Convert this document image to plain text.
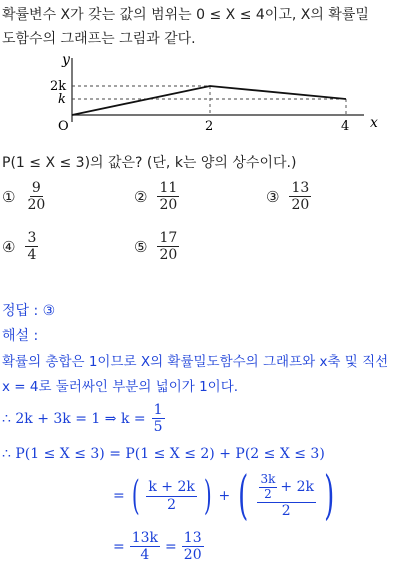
확률변수 X가 갖는 값의 범위는 0 ≤ X ≤ 4이고, X의 확률밀
도함수의 그래프는 그림과 같다.
y
x
O
2k
k
2	4
P(1 ≤ X ≤ 3)의 값은? (단, k는 양의 상수이다.)
① $\frac{9}{20}$	② $\frac{11}{20}$	③ $\frac{13}{20}$
④ $\frac{3}{4}$	⑤ $\frac{17}{20}$
정답 : ③
해설 :
확률의 총합은 1이므로 X의 확률밀도함수의 그래프와 x축 및 직선
x = 4로 둘러싸인 부분의 넓이가 1이다.
∴ 2k + 3k = 1 ⇒ $k = \frac{1}{5}$
∴ P(1 ≤ X ≤ 3) = P(1 ≤ X ≤ 2) + P(2 ≤ X ≤ 3)
= ( $\frac{k + 2k}{2}$ ) + ( $\frac{\frac{3k}{2} + 2k}{2}$ )
= $\frac{13k}{4} = \frac{13}{20}$
